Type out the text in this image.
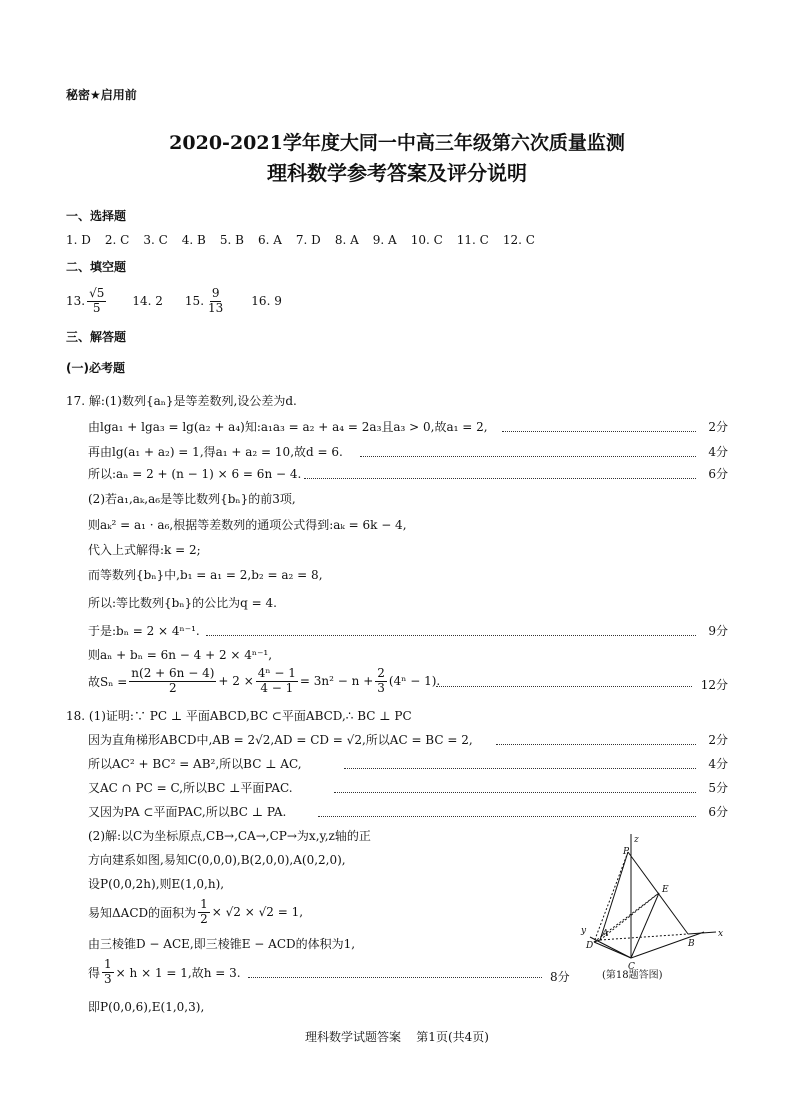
秘密★启用前
2020-2021学年度大同一中高三年级第六次质量监测
理科数学参考答案及评分说明
一、选择题
1. D 2. C 3. C 4. B 5. B 6. A 7. D 8. A 9. A 10. C 11. C 12. C
二、填空题
13. $\frac{√5}{5} 14$. 2 15. $\frac{9}{13} 16$. 9
三、解答题
(一)必考题
17. 解:(1)数列{aₙ}是等差数列,设公差为d.
由lga₁ + lga₃ = lg(a₂ + a₄)知:a₁a₃ = a₂ + a₄ = 2a₃且a₃ > 0,故a₁ = 2,	2分
再由lg(a₁ + a₂) = 1,得a₁ + a₂ = 10,故d = 6.	4分
所以:aₙ = 2 + (n − 1) × 6 = 6n − 4.	6分
(2)若a₁,aₖ,a₆是等比数列{bₙ}的前3项,
则aₖ² = a₁ · a₆,根据等差数列的通项公式得到:aₖ = 6k − 4,
代入上式解得:k = 2;
而等数列{bₙ}中,b₁ = a₁ = 2,b₂ = a₂ = 8,
所以:等比数列{bₙ}的公比为q = 4.
于是:bₙ = 2 × 4ⁿ⁻¹.	9分
则aₙ + bₙ = 6n − 4 + 2 × 4ⁿ⁻¹,
故$S_n = \frac{n(2 + 6n - 4)}{2} + 2 \times \frac{\text{4ⁿ − 1}}{4 - 1} = 3n^2 - n + \frac{2}{3} (4^n - 1)$.	12分
18. (1)证明:∵ PC ⊥ 平面ABCD,BC ⊂平面ABCD,∴ BC ⊥ PC
因为直角梯形ABCD中,AB = 2√2,AD = CD = √2,所以AC = BC = 2,	2分
所以AC² + BC² = AB²,所以BC ⊥ AC,	4分
又AC ∩ PC = C,所以BC ⊥平面PAC.	5分
又因为PA ⊂平面PAC,所以BC ⊥ PA.	6分
(2)解:以C为坐标原点,CB→,CA→,CP→为x,y,z轴的正
方向建系如图,易知C(0,0,0),B(2,0,0),A(0,2,0),
设P(0,0,2h),则E(1,0,h),
易知ΔACD的面积为 $\frac{1}{2} \times √2 \times √2 = 1$,
由三棱锥D − ACE,即三棱锥E − ACD的体积为1,
得 $\frac{1}{3} \times h \times 1 = 1$,故h = 3.	8分
即P(0,0,6),E(1,0,3),
P
z
E
y
D
A
B
x
C
(第18题答图)
理科数学试题答案    第1页(共4页)
